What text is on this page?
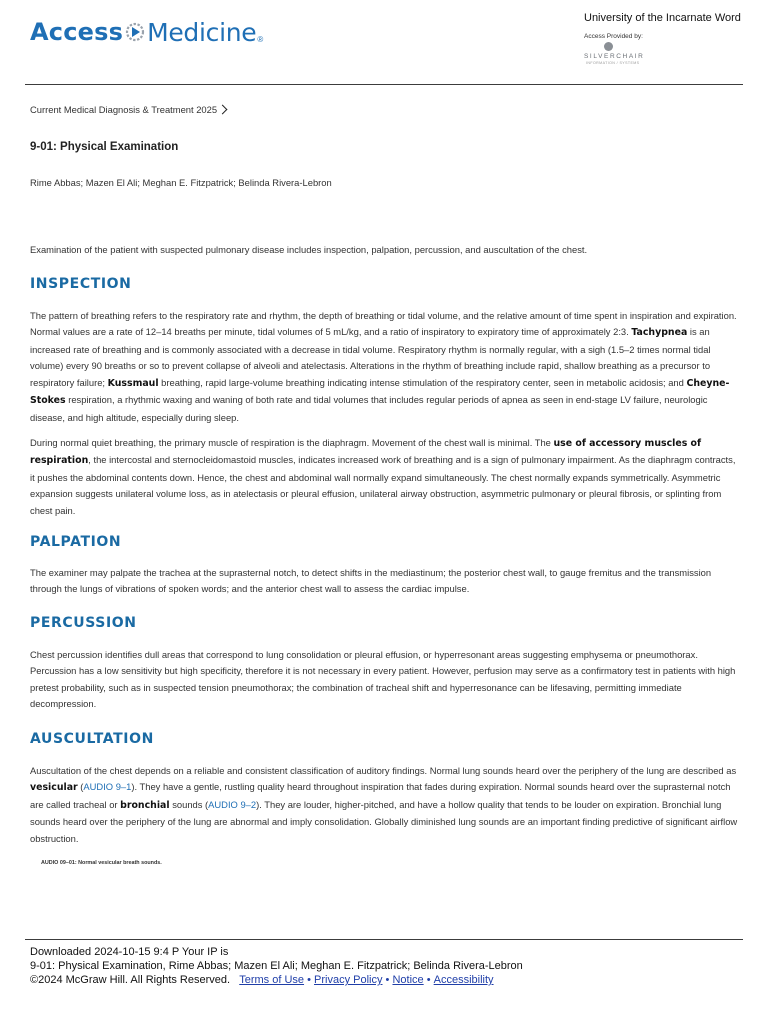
Access Medicine ®
University of the Incarnate Word
Access Provided by:
SILVERCHAIR
INFORMATION / SYSTEMS
Current Medical Diagnosis & Treatment 2025
9-01: Physical Examination
Rime Abbas; Mazen El Ali; Meghan E. Fitzpatrick; Belinda Rivera-Lebron

Examination of the patient with suspected pulmonary disease includes inspection, palpation, percussion, and auscultation of the chest.

INSPECTION

The pattern of breathing refers to the respiratory rate and rhythm, the depth of breathing or tidal volume, and the relative amount of time spent in inspiration and expiration. Normal values are a rate of 12–14 breaths per minute, tidal volumes of 5 mL/kg, and a ratio of inspiratory to expiratory time of approximately 2:3. Tachypnea is an increased rate of breathing and is commonly associated with a decrease in tidal volume. Respiratory rhythm is normally regular, with a sigh (1.5–2 times normal tidal volume) every 90 breaths or so to prevent collapse of alveoli and atelectasis. Alterations in the rhythm of breathing include rapid, shallow breathing as a precursor to respiratory failure; Kussmaul breathing, rapid large-volume breathing indicating intense stimulation of the respiratory center, seen in metabolic acidosis; and Cheyne-Stokes respiration, a rhythmic waxing and waning of both rate and tidal volumes that includes regular periods of apnea as seen in end-stage LV failure, neurologic disease, and high altitude, especially during sleep.

During normal quiet breathing, the primary muscle of respiration is the diaphragm. Movement of the chest wall is minimal. The use of accessory muscles of respiration, the intercostal and sternocleidomastoid muscles, indicates increased work of breathing and is a sign of pulmonary impairment. As the diaphragm contracts, it pushes the abdominal contents down. Hence, the chest and abdominal wall normally expand simultaneously. The chest normally expands symmetrically. Asymmetric expansion suggests unilateral volume loss, as in atelectasis or pleural effusion, unilateral airway obstruction, asymmetric pulmonary or pleural fibrosis, or splinting from chest pain.

PALPATION

The examiner may palpate the trachea at the suprasternal notch, to detect shifts in the mediastinum; the posterior chest wall, to gauge fremitus and the transmission through the lungs of vibrations of spoken words; and the anterior chest wall to assess the cardiac impulse.

PERCUSSION

Chest percussion identifies dull areas that correspond to lung consolidation or pleural effusion, or hyperresonant areas suggesting emphysema or pneumothorax. Percussion has a low sensitivity but high specificity, therefore it is not necessary in every patient. However, perfusion may serve as a confirmatory test in patients with high pretest probability, such as in suspected tension pneumothorax; the combination of tracheal shift and hyperresonance can be lifesaving, permitting immediate decompression.

AUSCULTATION

Auscultation of the chest depends on a reliable and consistent classification of auditory findings. Normal lung sounds heard over the periphery of the lung are described as vesicular (AUDIO 9–1). They have a gentle, rustling quality heard throughout inspiration that fades during expiration. Normal sounds heard over the suprasternal notch are called tracheal or bronchial sounds (AUDIO 9–2). They are louder, higher-pitched, and have a hollow quality that tends to be louder on expiration. Bronchial lung sounds heard over the periphery of the lung are abnormal and imply consolidation. Globally diminished lung sounds are an important finding predictive of significant airflow obstruction.

AUDIO 09–01: Normal vesicular breath sounds.
Downloaded 2024-10-15 9:4 P Your IP is
9-01: Physical Examination, Rime Abbas; Mazen El Ali; Meghan E. Fitzpatrick; Belinda Rivera-Lebron
©2024 McGraw Hill. All Rights Reserved. Terms of Use • Privacy Policy • Notice • Accessibility
